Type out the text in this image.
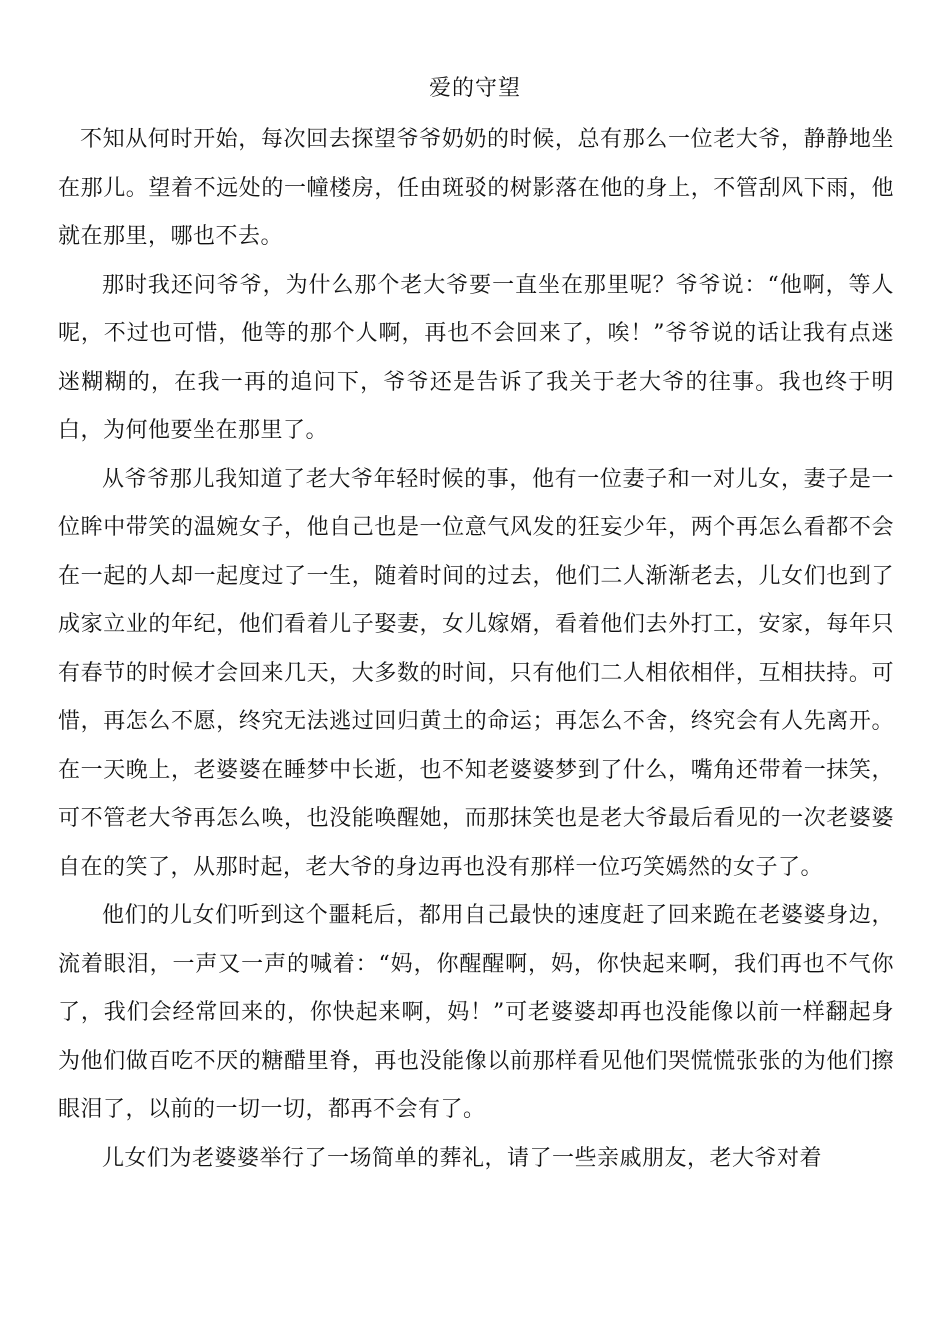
爱的守望

不知从何时开始，每次回去探望爷爷奶奶的时候，总有那么一位老大爷，静静地坐在那儿。望着不远处的一幢楼房，任由斑驳的树影落在他的身上，不管刮风下雨，他就在那里，哪也不去。

那时我还问爷爷，为什么那个老大爷要一直坐在那里呢？爷爷说：“他啊，等人呢，不过也可惜，他等的那个人啊，再也不会回来了，唉！”爷爷说的话让我有点迷迷糊糊的，在我一再的追问下，爷爷还是告诉了我关于老大爷的往事。我也终于明白，为何他要坐在那里了。

从爷爷那儿我知道了老大爷年轻时候的事，他有一位妻子和一对儿女，妻子是一位眸中带笑的温婉女子，他自己也是一位意气风发的狂妄少年，两个再怎么看都不会在一起的人却一起度过了一生，随着时间的过去，他们二人渐渐老去，儿女们也到了成家立业的年纪，他们看着儿子娶妻，女儿嫁婿，看着他们去外打工，安家，每年只有春节的时候才会回来几天，大多数的时间，只有他们二人相依相伴，互相扶持。可惜，再怎么不愿，终究无法逃过回归黄土的命运；再怎么不舍，终究会有人先离开。在一天晚上，老婆婆在睡梦中长逝，也不知老婆婆梦到了什么，嘴角还带着一抹笑，可不管老大爷再怎么唤，也没能唤醒她，而那抹笑也是老大爷最后看见的一次老婆婆自在的笑了，从那时起，老大爷的身边再也没有那样一位巧笑嫣然的女子了。

他们的儿女们听到这个噩耗后，都用自己最快的速度赶了回来跪在老婆婆身边，流着眼泪，一声又一声的喊着：“妈，你醒醒啊，妈，你快起来啊，我们再也不气你了，我们会经常回来的，你快起来啊，妈！”可老婆婆却再也没能像以前一样翻起身为他们做百吃不厌的糖醋里脊，再也没能像以前那样看见他们哭慌慌张张的为他们擦眼泪了，以前的一切一切，都再不会有了。

儿女们为老婆婆举行了一场简单的葬礼，请了一些亲戚朋友，老大爷对着
